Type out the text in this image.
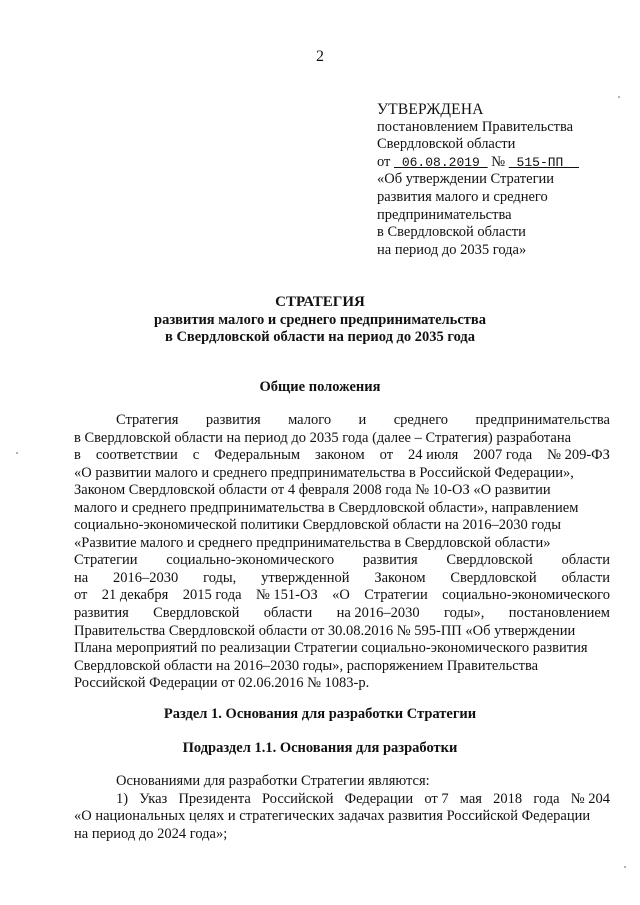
2
УТВЕРЖДЕНА
постановлением Правительства
Свердловской области
от  06.08.2019  №  515-ПП
«Об утверждении Стратегии
развития малого и среднего
предпринимательства
в Свердловской области
на период до 2035 года»
СТРАТЕГИЯ
развития малого и среднего предпринимательства
в Свердловской области на период до 2035 года
Общие положения
Стратегия развития малого и среднего предпринимательства
в Свердловской области на период до 2035 года (далее – Стратегия) разработана
в соответствии с Федеральным законом от 24 июля 2007 года № 209-ФЗ
«О развитии малого и среднего предпринимательства в Российской Федерации»,
Законом Свердловской области от 4 февраля 2008 года № 10-ОЗ «О развитии
малого и среднего предпринимательства в Свердловской области», направлением
социально-экономической политики Свердловской области на 2016–2030 годы
«Развитие малого и среднего предпринимательства в Свердловской области»
Стратегии социально-экономического развития Свердловской области
на 2016–2030 годы, утвержденной Законом Свердловской области
от 21 декабря 2015 года № 151-ОЗ «О Стратегии социально-экономического
развития Свердловской области на 2016–2030 годы», постановлением
Правительства Свердловской области от 30.08.2016 № 595-ПП «Об утверждении
Плана мероприятий по реализации Стратегии социально-экономического развития
Свердловской области на 2016–2030 годы», распоряжением Правительства
Российской Федерации от 02.06.2016 № 1083-р.
Раздел 1. Основания для разработки Стратегии
Подраздел 1.1. Основания для разработки
Основаниями для разработки Стратегии являются:
1) Указ Президента Российской Федерации от 7 мая 2018 года № 204
«О национальных целях и стратегических задачах развития Российской Федерации
на период до 2024 года»;
